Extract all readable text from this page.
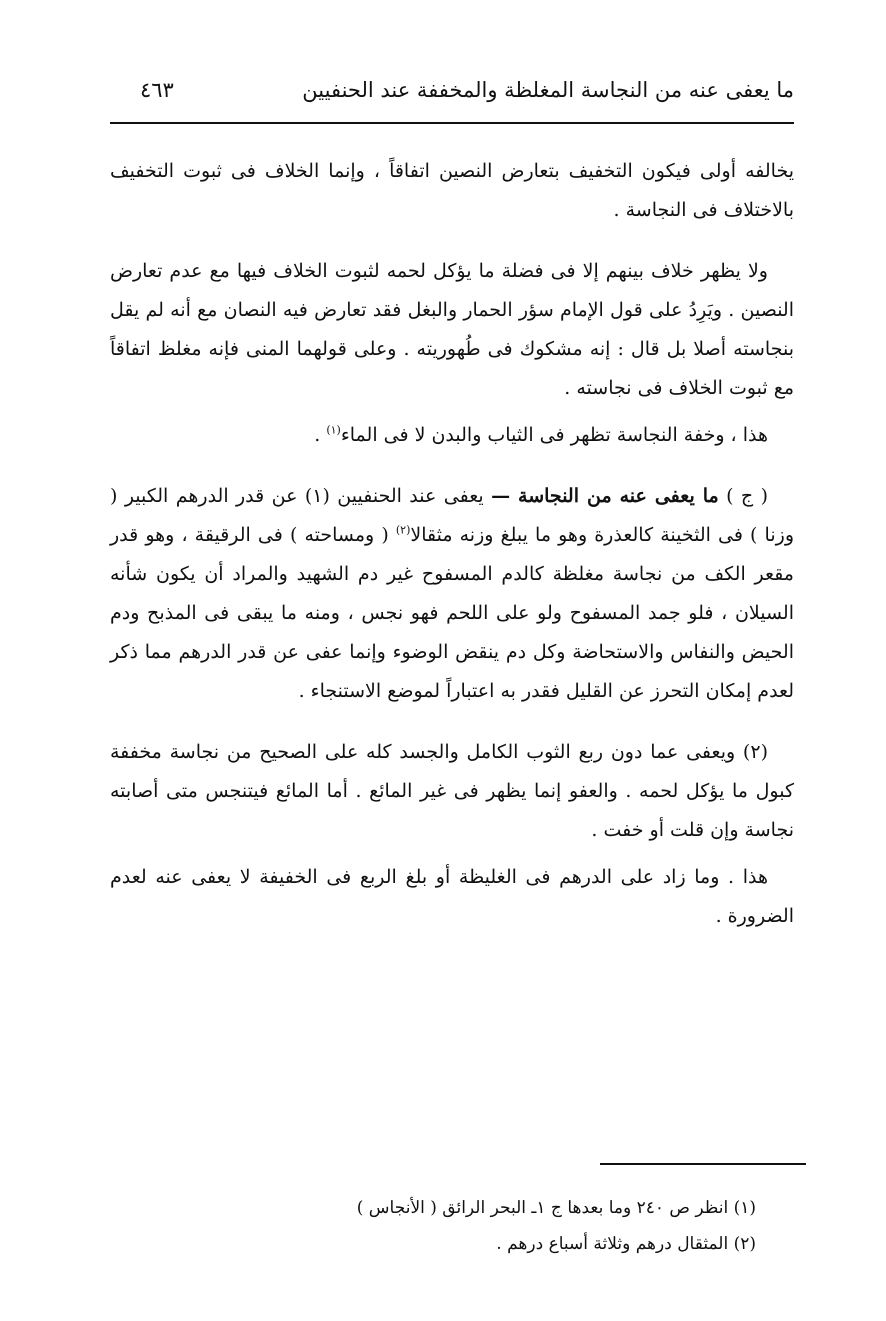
ما يعفى عنه من النجاسة المغلظة والمخففة عند الحنفيين
٤٦٣

يخالفه أولى فيكون التخفيف بتعارض النصين اتفاقاً ، وإنما الخلاف فى ثبوت التخفيف بالاختلاف فى النجاسة .

ولا يظهر خلاف بينهم إلا فى فضلة ما يؤكل لحمه لثبوت الخلاف فيها مع عدم تعارض النصين . ويَرِدُ على قول الإمام سؤر الحمار والبغل فقد تعارض فيه النصان مع أنه لم يقل بنجاسته أصلا بل قال : إنه مشكوك فى طُهوريته . وعلى قولهما المنى فإنه مغلظ اتفاقاً مع ثبوت الخلاف فى نجاسته .

هذا ، وخفة النجاسة تظهر فى الثياب والبدن لا فى الماء$^{(١)}$ .

( ج ) ما يعفى عنه من النجاسة — يعفى عند الحنفيين (١) عن قدر الدرهم الكبير ( وزنا ) فى الثخينة كالعذرة وهو ما يبلغ وزنه مثقالا$^{(٢)}$ ( ومساحته ) فى الرقيقة ، وهو قدر مقعر الكف من نجاسة مغلظة كالدم المسفوح غير دم الشهيد والمراد أن يكون شأنه السيلان ، فلو جمد المسفوح ولو على اللحم فهو نجس ، ومنه ما يبقى فى المذبح ودم الحيض والنفاس والاستحاضة وكل دم ينقض الوضوء وإنما عفى عن قدر الدرهم مما ذكر لعدم إمكان التحرز عن القليل فقدر به اعتباراً لموضع الاستنجاء .

(٢) ويعفى عما دون ربع الثوب الكامل والجسد كله على الصحيح من نجاسة مخففة كبول ما يؤكل لحمه . والعفو إنما يظهر فى غير المائع . أما المائع فيتنجس متى أصابته نجاسة وإن قلت أو خفت .

هذا . وما زاد على الدرهم فى الغليظة أو بلغ الربع فى الخفيفة لا يعفى عنه لعدم الضرورة .

(١) انظر ص ٢٤٠ وما بعدها ج ١ـ البحر الرائق ( الأنجاس )

(٢) المثقال درهم وثلاثة أسباع درهم .
